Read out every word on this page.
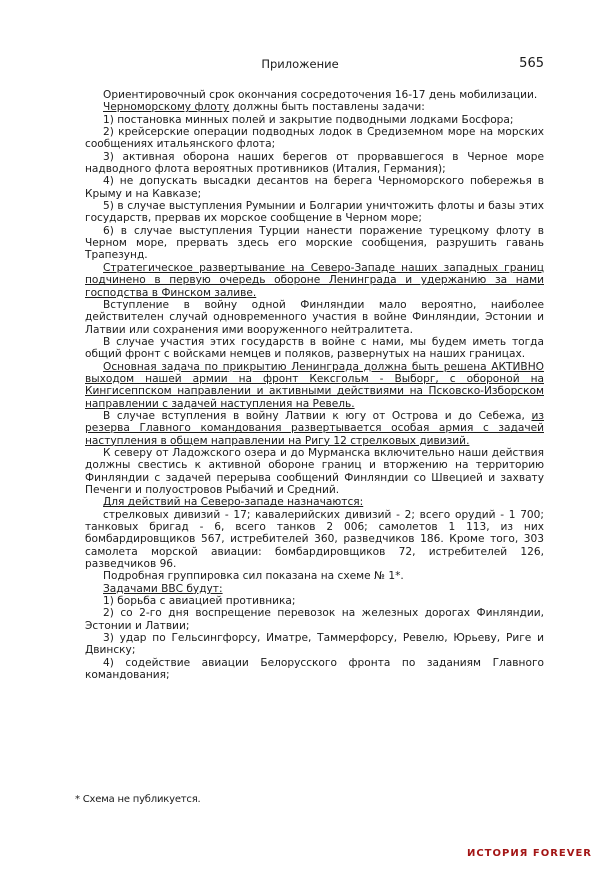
Приложение	565

Ориентировочный срок окончания сосредоточения 16-17 день мобилизации.

Черноморскому флоту должны быть поставлены задачи:

1) постановка минных полей и закрытие подводными лодками Босфора;

2) крейсерские операции подводных лодок в Средиземном море на морских сообщениях итальянского флота;

3) активная оборона наших берегов от прорвавшегося в Черное море надводного флота вероятных противников (Италия, Германия);

4) не допускать высадки десантов на берега Черноморского побережья в Крыму и на Кавказе;

5) в случае выступления Румынии и Болгарии уничтожить флоты и базы этих государств, прервав их морское сообщение в Черном море;

6) в случае выступления Турции нанести поражение турецкому флоту в Черном море, прервать здесь его морские сообщения, разрушить гавань Трапезунд.

Стратегическое развертывание на Северо-Западе наших западных границ подчинено в первую очередь обороне Ленинграда и удержанию за нами господства в Финском заливе.

Вступление в войну одной Финляндии мало вероятно, наиболее действителен случай одновременного участия в войне Финляндии, Эстонии и Латвии или сохранения ими вооруженного нейтралитета.

В случае участия этих государств в войне с нами, мы будем иметь тогда общий фронт с войсками немцев и поляков, развернутых на наших границах.

Основная задача по прикрытию Ленинграда должна быть решена АКТИВНО выходом нашей армии на фронт Кексгольм - Выборг, с обороной на Кингисеппском направлении и активными действиями на Псковско-Изборском направлении с задачей наступления на Ревель.

В случае вступления в войну Латвии к югу от Острова и до Себежа, из резерва Главного командования развертывается особая армия с задачей наступления в общем направлении на Ригу 12 стрелковых дивизий.

К северу от Ладожского озера и до Мурманска включительно наши действия должны свестись к активной обороне границ и вторжению на территорию Финляндии с задачей перерыва сообщений Финляндии со Швецией и захвату Печенги и полуостровов Рыбачий и Средний.

Для действий на Северо-западе назначаются:

стрелковых дивизий - 17; кавалерийских дивизий - 2; всего орудий - 1 700; танковых бригад - 6, всего танков 2 006; самолетов 1 113, из них бомбардировщиков 567, истребителей 360, разведчиков 186. Кроме того, 303 самолета морской авиации: бомбардировщиков 72, истребителей 126, разведчиков 96.

Подробная группировка сил показана на схеме № 1*.

Задачами ВВС будут:

1) борьба с авиацией противника;

2) со 2-го дня воспрещение перевозок на железных дорогах Финляндии, Эстонии и Латвии;

3) удар по Гельсингфорсу, Иматре, Таммерфорсу, Ревелю, Юрьеву, Риге и Двинску;

4) содействие авиации Белорусского фронта по заданиям Главного командования;

* Схема не публикуется.
ИСТОРИЯ FOREVER
